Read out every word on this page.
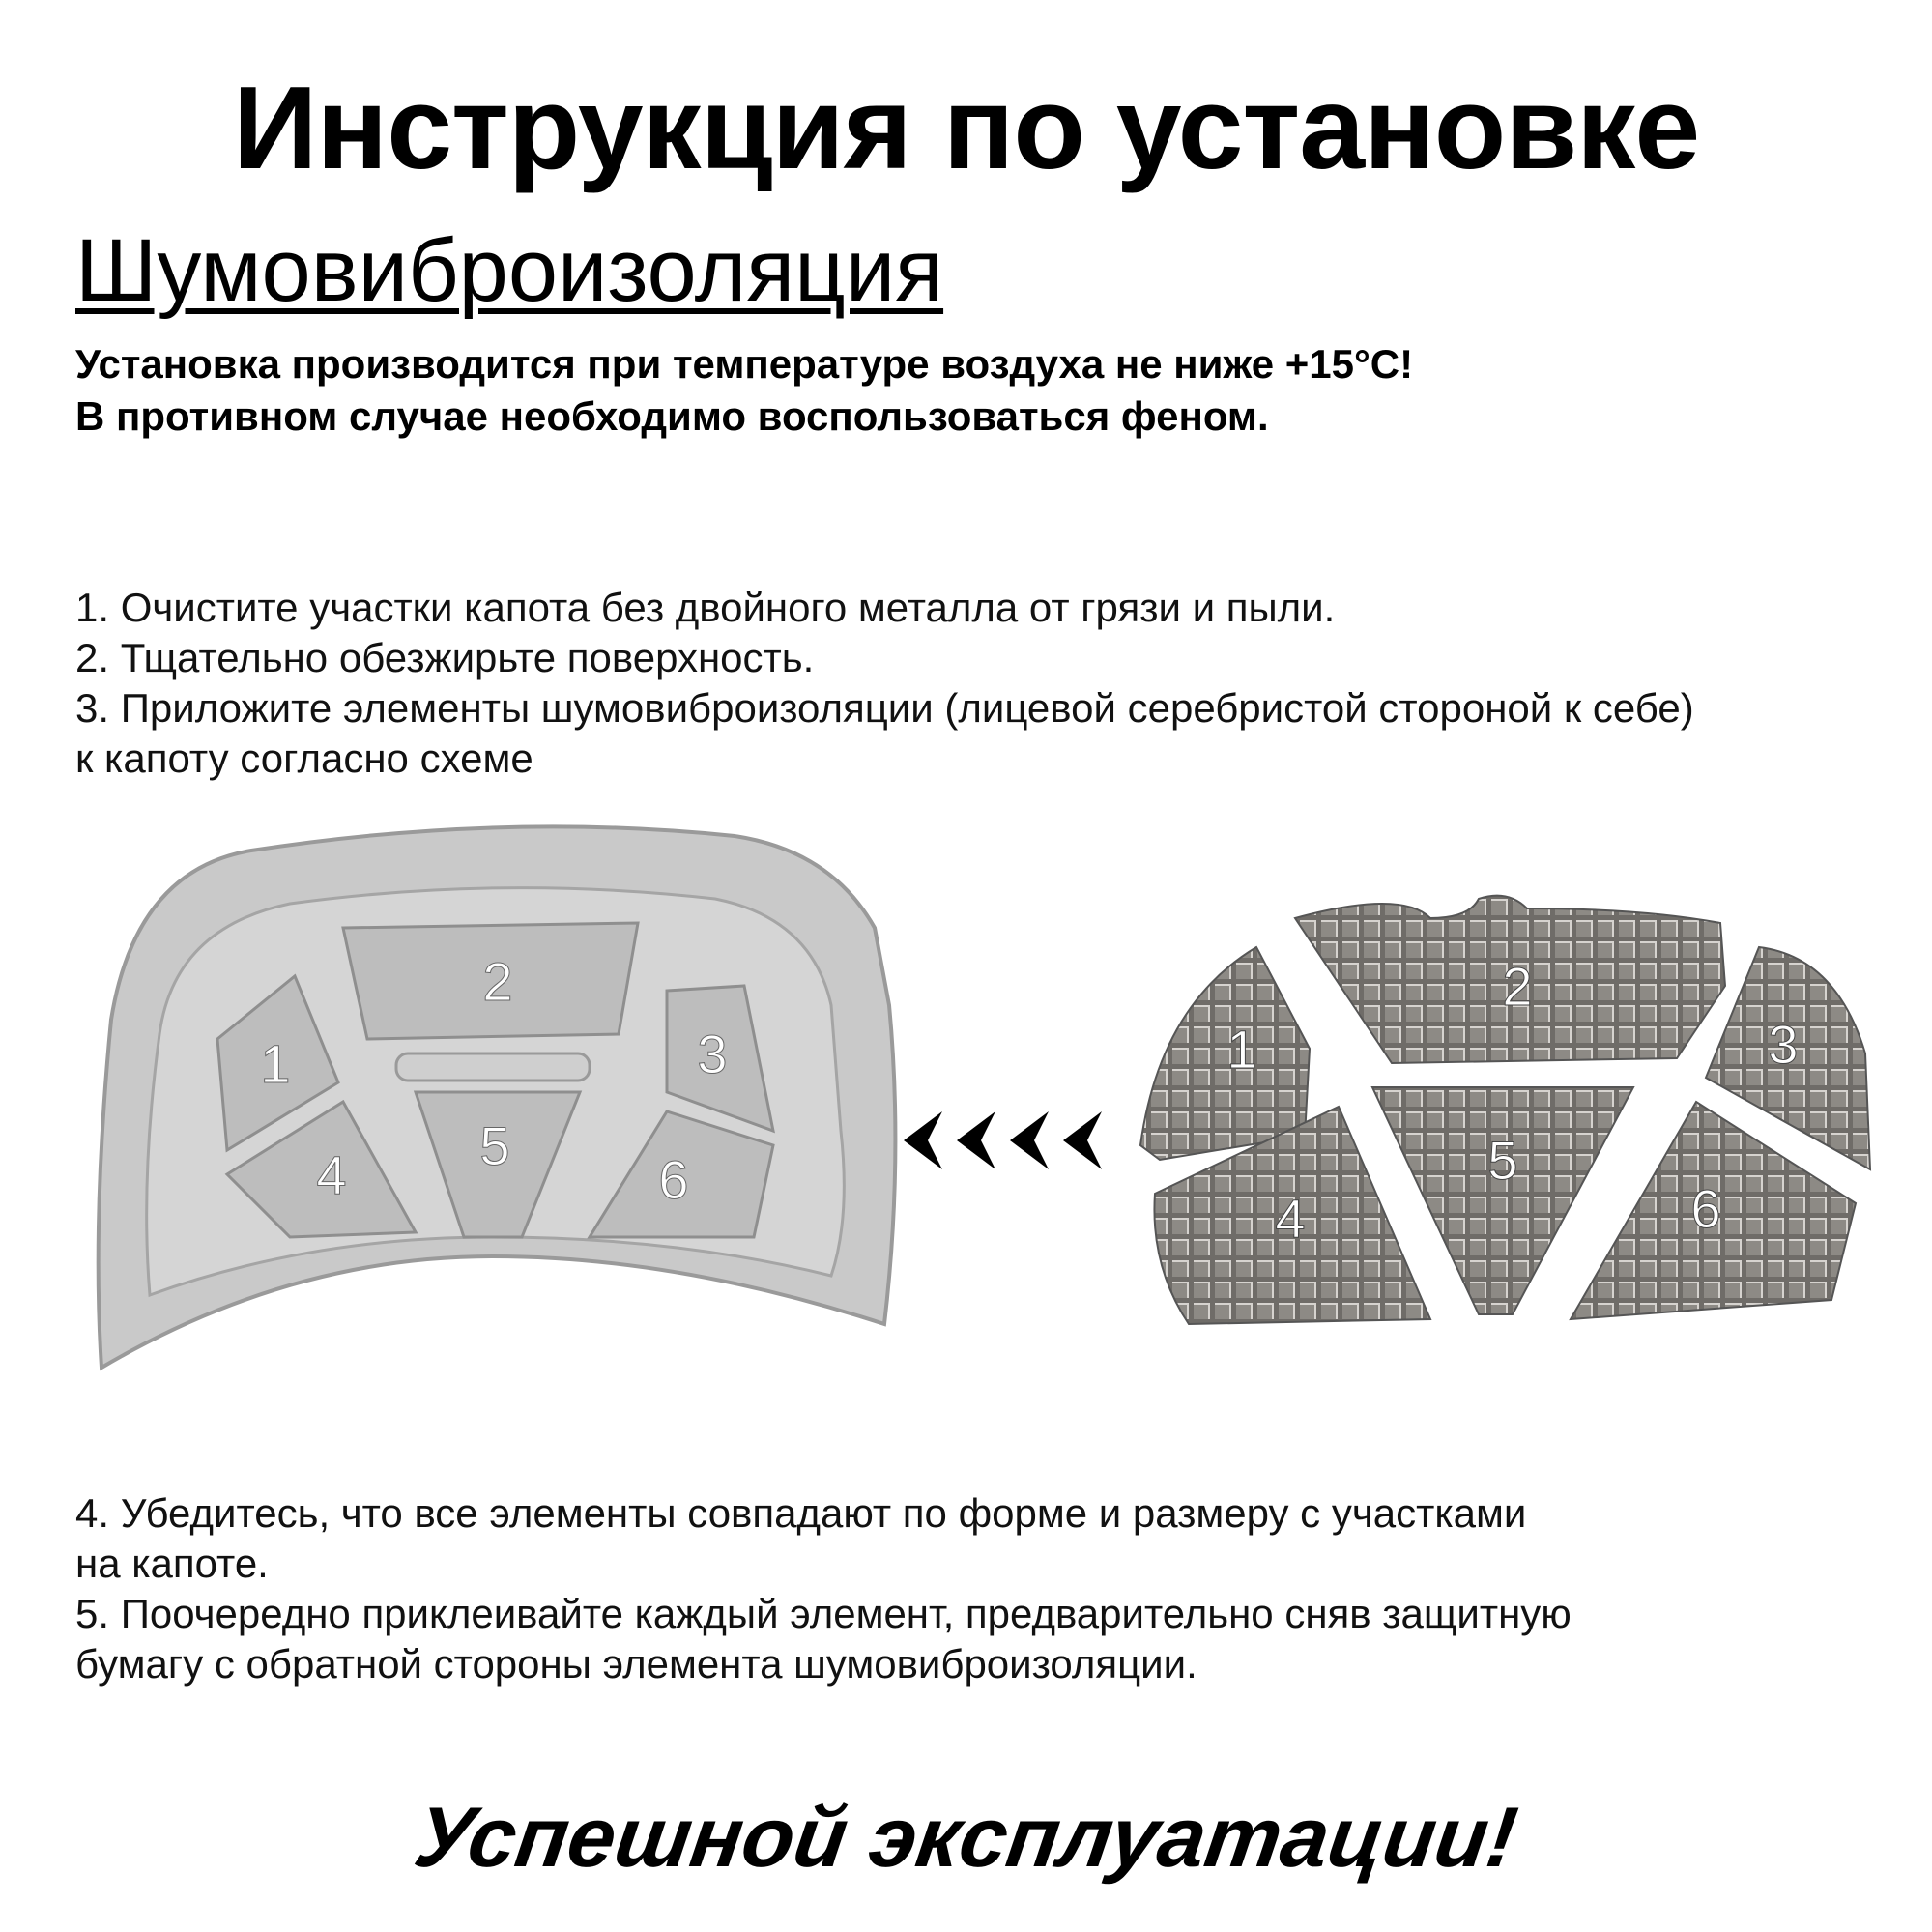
Инструкция по установке
Шумовиброизоляция
Установка производится при температуре воздуха не ниже +15°C!
В противном случае необходимо воспользоваться феном.

1. Очистите участки капота без двойного металла от грязи и пыли.

2. Тщательно обезжирьте поверхность.

3. Приложите элементы шумовиброизоляции (лицевой серебристой стороной к себе)

к капоту согласно схеме

1
2
3
4 5
6
1
2
3
4
5
6

4. Убедитесь, что все элементы совпадают по форме и размеру с участками

на капоте.

5. Поочередно приклеивайте каждый элемент, предварительно сняв защитную

бумагу с обратной стороны элемента шумовиброизоляции.

Успешной эксплуатации!
